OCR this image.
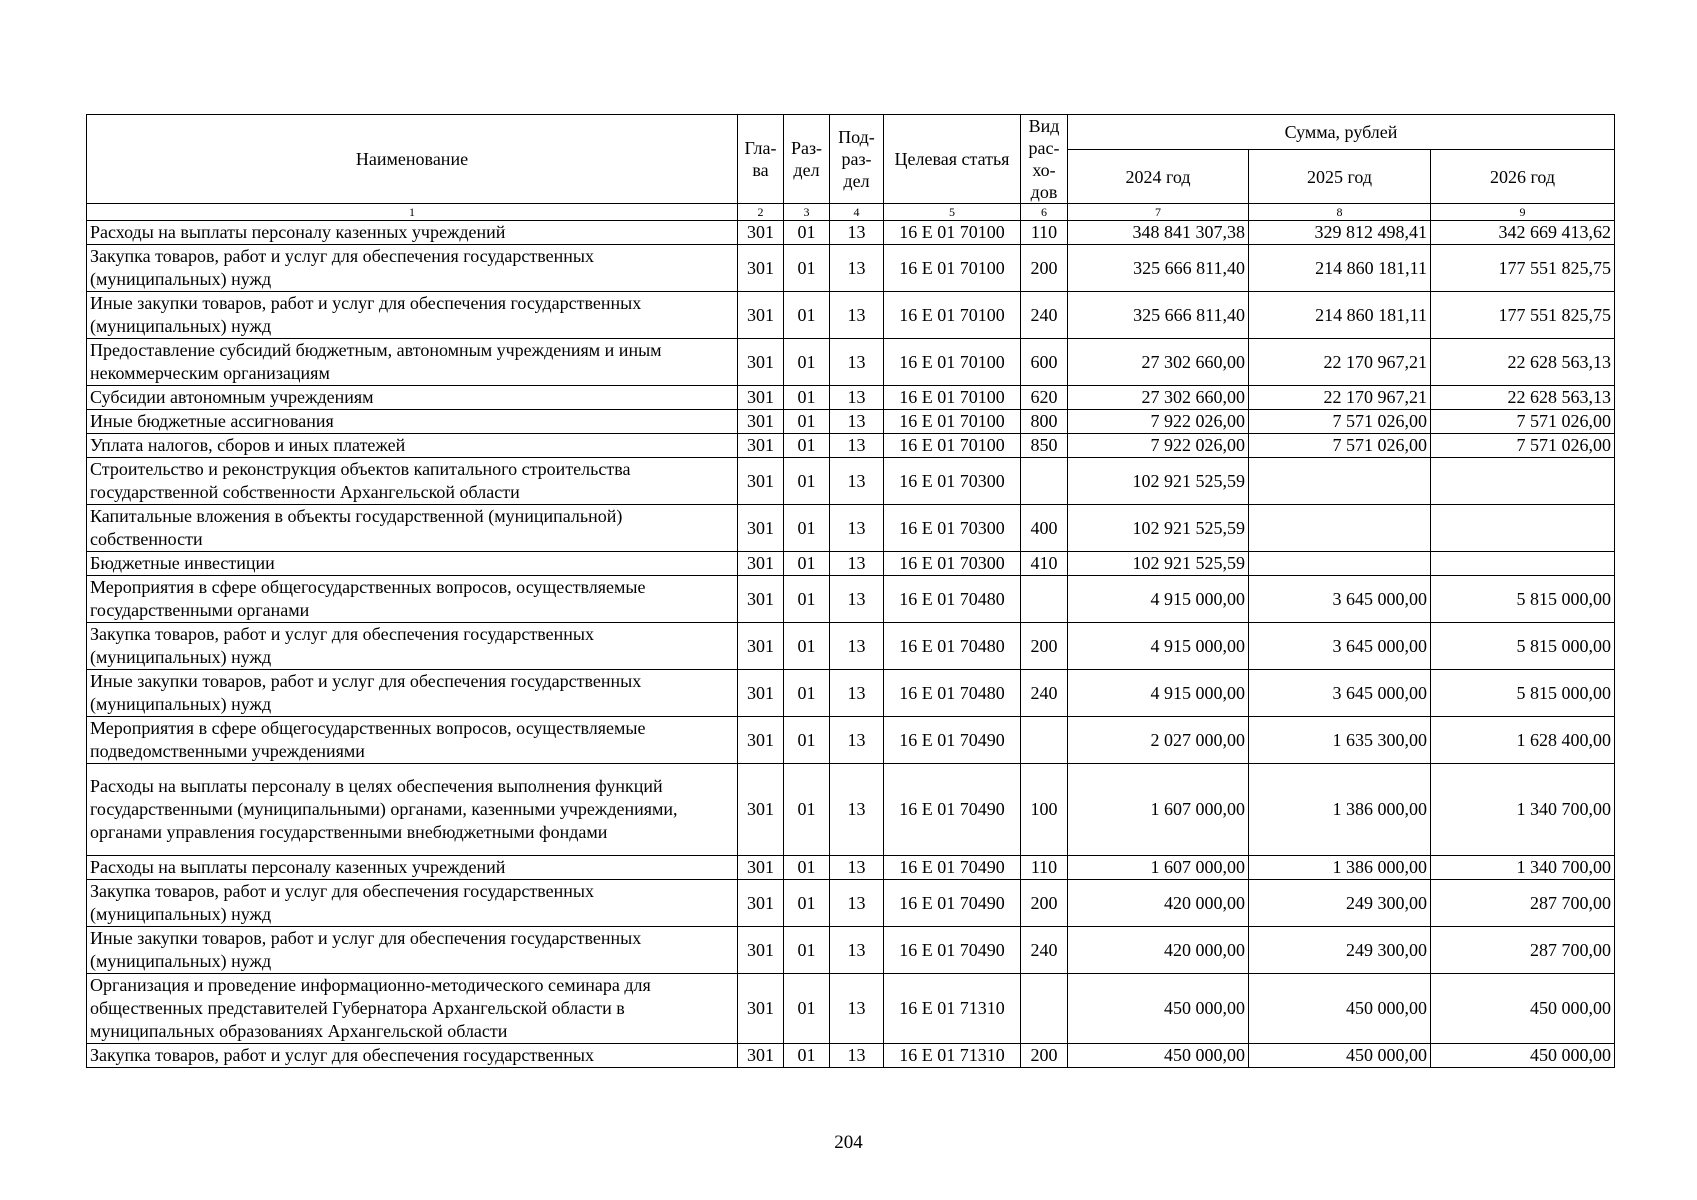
Наименование	Гла-ва	Раз-дел	Под-раз-дел	Целевая статья	Вид рас-хо-дов	Сумма, рублей		
						2024 год	2025 год	2026 год
1	2	3	4	5	6	7	8	9
Расходы на выплаты персоналу казенных учреждений	301	01	13	16 Е 01 70100	110	348 841 307,38	329 812 498,41	342 669 413,62
Закупка товаров, работ и услуг для обеспечения государственных (муниципальных) нужд	301	01	13	16 Е 01 70100	200	325 666 811,40	214 860 181,11	177 551 825,75
Иные закупки товаров, работ и услуг для обеспечения государственных (муниципальных) нужд	301	01	13	16 Е 01 70100	240	325 666 811,40	214 860 181,11	177 551 825,75
Предоставление субсидий бюджетным, автономным учреждениям и иным некоммерческим организациям	301	01	13	16 Е 01 70100	600	27 302 660,00	22 170 967,21	22 628 563,13
Субсидии автономным учреждениям	301	01	13	16 Е 01 70100	620	27 302 660,00	22 170 967,21	22 628 563,13
Иные бюджетные ассигнования	301	01	13	16 Е 01 70100	800	7 922 026,00	7 571 026,00	7 571 026,00
Уплата налогов, сборов и иных платежей	301	01	13	16 Е 01 70100	850	7 922 026,00	7 571 026,00	7 571 026,00
Строительство и реконструкция объектов капитального строительства государственной собственности Архангельской области	301	01	13	16 Е 01 70300		102 921 525,59		
Капитальные вложения в объекты государственной (муниципальной) собственности	301	01	13	16 Е 01 70300	400	102 921 525,59		
Бюджетные инвестиции	301	01	13	16 Е 01 70300	410	102 921 525,59		
Мероприятия в сфере общегосударственных вопросов, осуществляемые государственными органами	301	01	13	16 Е 01 70480		4 915 000,00	3 645 000,00	5 815 000,00
Закупка товаров, работ и услуг для обеспечения государственных (муниципальных) нужд	301	01	13	16 Е 01 70480	200	4 915 000,00	3 645 000,00	5 815 000,00
Иные закупки товаров, работ и услуг для обеспечения государственных (муниципальных) нужд	301	01	13	16 Е 01 70480	240	4 915 000,00	3 645 000,00	5 815 000,00
Мероприятия в сфере общегосударственных вопросов, осуществляемые подведомственными учреждениями	301	01	13	16 Е 01 70490		2 027 000,00	1 635 300,00	1 628 400,00
Расходы на выплаты персоналу в целях обеспечения выполнения функций государственными (муниципальными) органами, казенными учреждениями, органами управления государственными внебюджетными фондами	301	01	13	16 Е 01 70490	100	1 607 000,00	1 386 000,00	1 340 700,00
Расходы на выплаты персоналу казенных учреждений	301	01	13	16 Е 01 70490	110	1 607 000,00	1 386 000,00	1 340 700,00
Закупка товаров, работ и услуг для обеспечения государственных (муниципальных) нужд	301	01	13	16 Е 01 70490	200	420 000,00	249 300,00	287 700,00
Иные закупки товаров, работ и услуг для обеспечения государственных (муниципальных) нужд	301	01	13	16 Е 01 70490	240	420 000,00	249 300,00	287 700,00
Организация и проведение информационно-методического семинара для общественных представителей Губернатора Архангельской области в муниципальных образованиях Архангельской области	301	01	13	16 Е 01 71310		450 000,00	450 000,00	450 000,00
Закупка товаров, работ и услуг для обеспечения государственных	301	01	13	16 Е 01 71310	200	450 000,00	450 000,00	450 000,00
204
